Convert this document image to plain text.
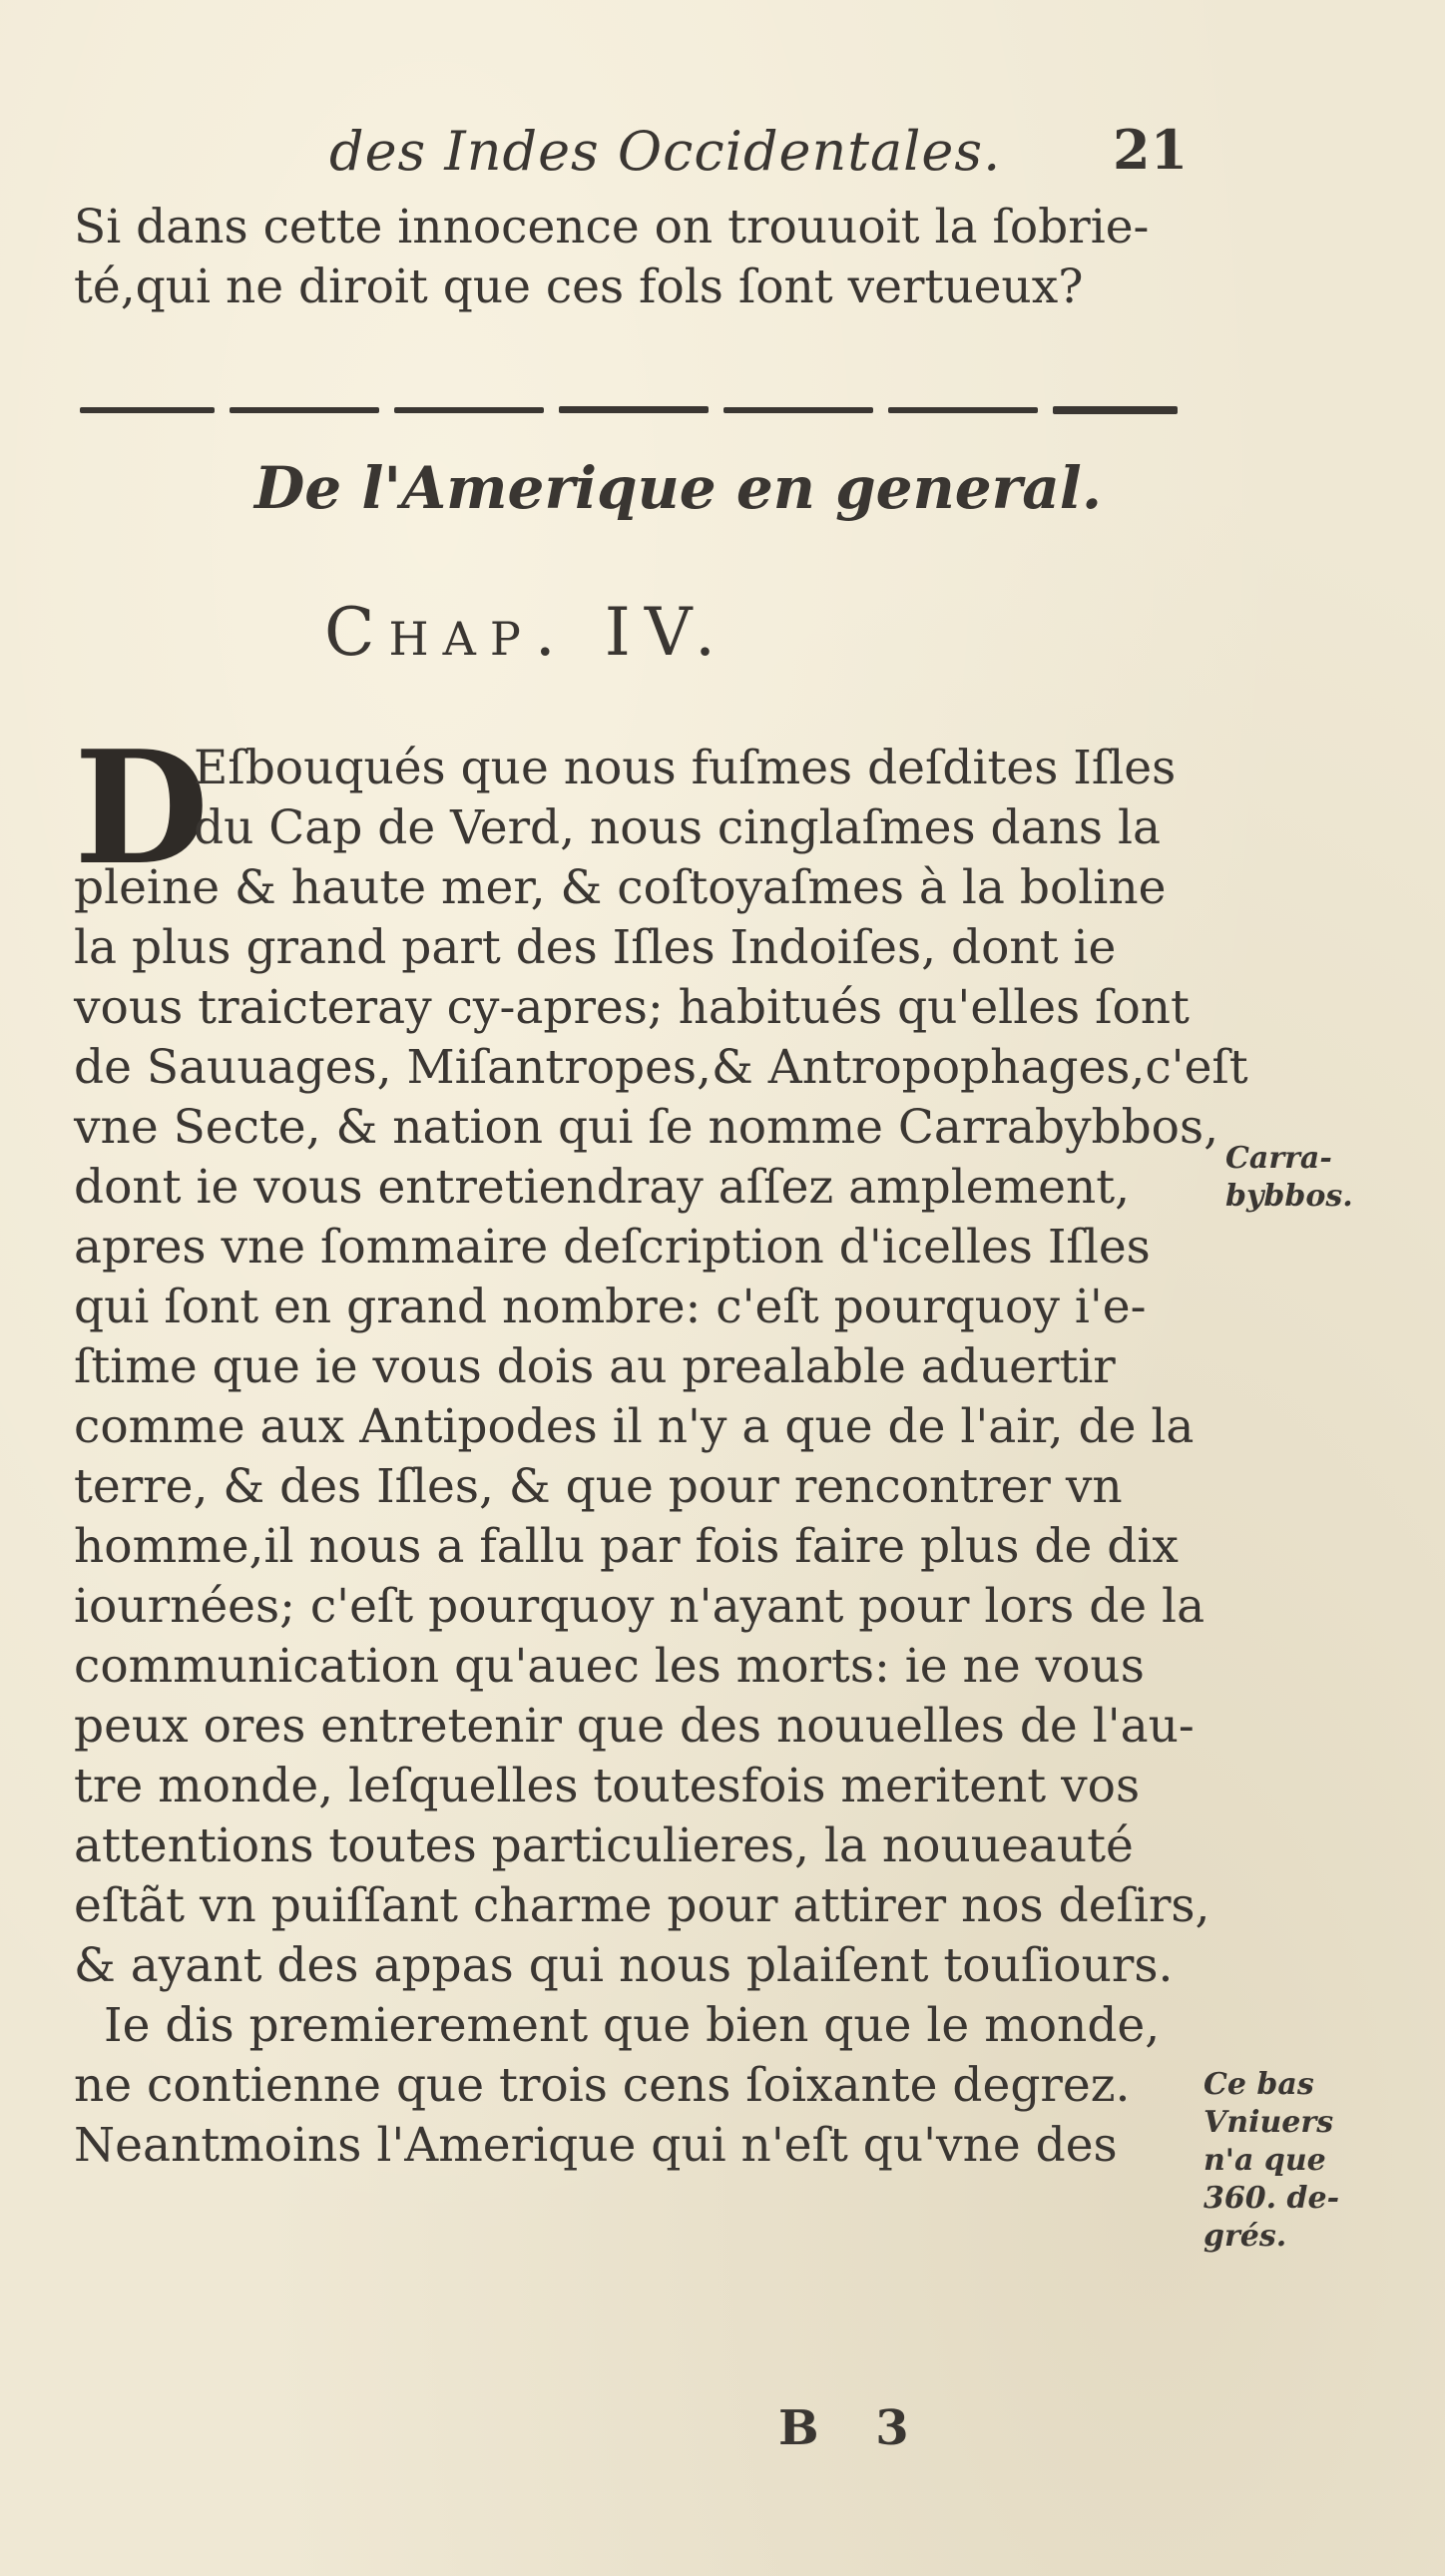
des Indes Occidentales. 21
Si dans cette innocence on trouuoit la ſobrie-
té,qui ne diroit que ces fols ſont vertueux?
De l'Amerique en general.
Chap. IV.
D
Eſbouqués que nous fuſmes deſdites Iſles
du Cap de Verd, nous cinglaſmes dans la
pleine & haute mer, & coſtoyaſmes à la boline
la plus grand part des Iſles Indoiſes, dont ie
vous traicteray cy-apres; habitués qu'elles ſont
de Sauuages, Miſantropes,& Antropophages,c'eſt
vne Secte, & nation qui ſe nomme Carrabybbos,
dont ie vous entretiendray aſſez amplement,
apres vne ſommaire deſcription d'icelles Iſles
qui ſont en grand nombre: c'eſt pourquoy i'e-
ſtime que ie vous dois au prealable aduertir
comme aux Antipodes il n'y a que de l'air, de la
terre, & des Iſles, & que pour rencontrer vn
homme,il nous a fallu par fois faire plus de dix
iournées; c'eſt pourquoy n'ayant pour lors de la
communication qu'auec les morts: ie ne vous
peux ores entretenir que des nouuelles de l'au-
tre monde, leſquelles toutesfois meritent vos
attentions toutes particulieres, la nouueauté
eſtãt vn puiſſant charme pour attirer nos deſirs,
& ayant des appas qui nous plaiſent touſiours.
Ie dis premierement que bien que le monde,
ne contienne que trois cens ſoixante degrez.
Neantmoins l'Amerique qui n'eſt qu'vne des
Carra-
bybbos.
Ce bas
Vniuers
n'a que
360. de-
grés.
B 3
